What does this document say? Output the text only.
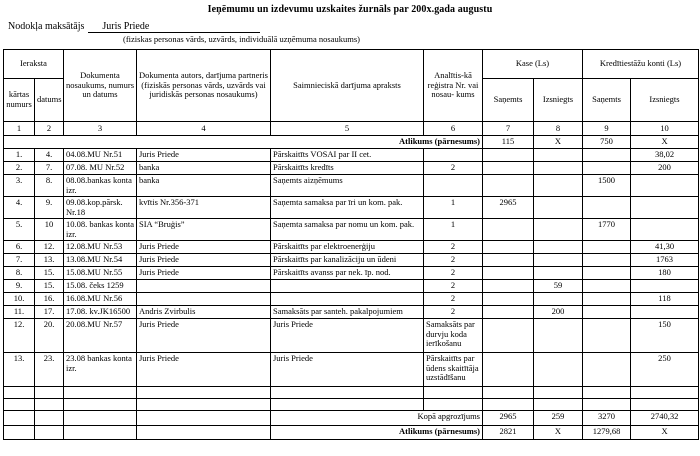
Ieņēmumu un izdevumu uzskaites žurnāls par 200x.gada augustu
Nodokļa maksātājs Juris Priede
(fiziskas personas vārds, uzvārds, individuālā uzņēmuma nosaukums)
Ieraksta		Dokumenta nosaukums, numurs un datums	Dokumenta autors, darījuma partneris (fiziskās personas vārds, uzvārds vai juridiskās personas nosaukums)	Saimnieciskā darījuma apraksts	Analītis-kā reģistra Nr. vai nosau- kums	Kase (Ls)		Kredītiestāžu konti (Ls)	
kārtas numurs	datums								
						Saņemts	Izsniegts	Saņemts	Izsniegts
1	2	3	4	5	6	7	8	9	10
Atlikums (pārnesums)						115	X	750	X
1.	4.	04.08.MU Nr.51	Juris Priede	Pārskaitīts VOSAI par II cet.					38,02
2.	7.	07.08. MU Nr.52	banka	Pārskaitīts kredīts	2				200
3.	8.	08.08.bankas konta izr.	banka	Saņemts aizņēmums				1500	
4.	9.	09.08.kop.pārsk. Nr.18	kvītis Nr.356-371	Saņemta samaksa par īri un kom. pak.	1	2965			
5.	10	10.08. bankas konta izr.	SIA “Bruģis”	Saņemta samaksa par nomu un kom. pak.	1			1770	
6.	12.	12.08.MU Nr.53	Juris Priede	Pārskaitīts par elektroenerģiju	2				41,30
7.	13.	13.08.MU Nr.54	Juris Priede	Pārskaitīts par kanalizāciju un ūdeni	2				1763
8.	15.	15.08.MU Nr.55	Juris Priede	Pārskaitīts avanss par nek. īp. nod.	2				180
9.	15.	15.08. čeks 1259			2		59		
10.	16.	16.08.MU Nr.56			2				118
11.	17.	17.08. kv.JK16500	Andris Zvirbulis	Samaksāts par santeh. pakalpojumiem	2		200		
12.	20.	20.08.MU Nr.57	Juris Priede	Juris Priede	Samaksāts par durvju koda ierīkošanu				150
13.	23.	23.08 bankas konta izr.	Juris Priede	Juris Priede	Pārskaitīts par ūdens skaitītāja uzstādīšanu				250

				Kopā apgrozījums		2965	259	3270	2740,32
				Atlikums (pārnesums)		2821	X	1279,68	X
